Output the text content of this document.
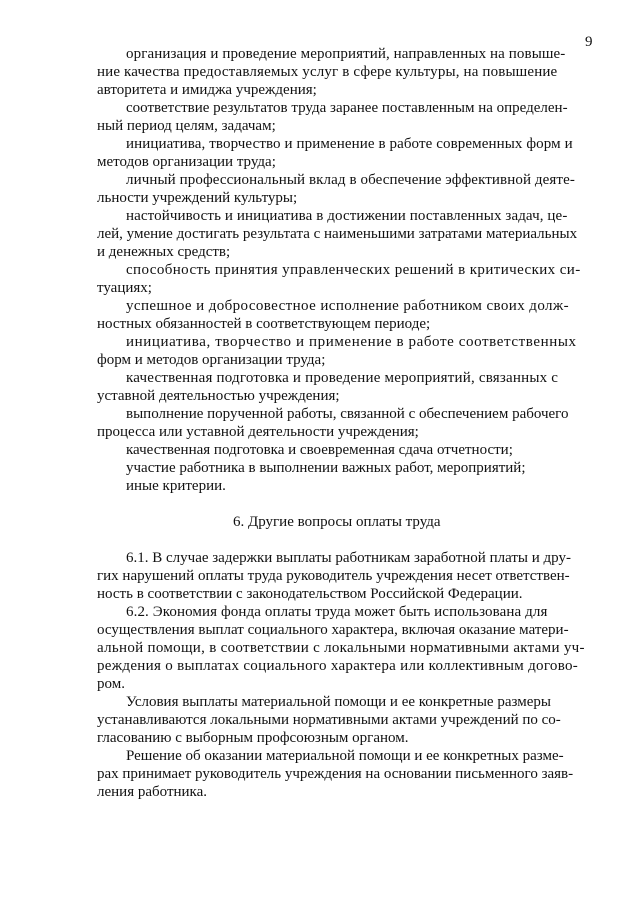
9
организация и проведение мероприятий, направленных на повыше-
ние качества предоставляемых услуг в сфере культуры, на повышение
авторитета и имиджа учреждения;
соответствие результатов труда заранее поставленным на определен-
ный период целям, задачам;
инициатива, творчество и применение в работе современных форм и
методов организации труда;
личный профессиональный вклад в обеспечение эффективной деяте-
льности учреждений культуры;
настойчивость и инициатива в достижении поставленных задач, це-
лей, умение достигать результата с наименьшими затратами материальных
и денежных средств;
способность принятия управленческих решений в критических си-
туациях;
успешное и добросовестное исполнение работником своих долж-
ностных обязанностей в соответствующем периоде;
инициатива, творчество и применение в работе соответственных
форм и методов организации труда;
качественная подготовка и проведение мероприятий, связанных с
уставной деятельностью учреждения;
выполнение порученной работы, связанной с обеспечением рабочего
процесса или уставной деятельности учреждения;
качественная подготовка и своевременная сдача отчетности;
участие работника в выполнении важных работ, мероприятий;
иные критерии.
6. Другие вопросы оплаты труда
6.1. В случае задержки выплаты работникам заработной платы и дру-
гих нарушений оплаты труда руководитель учреждения несет ответствен-
ность в соответствии с законодательством Российской Федерации.
6.2. Экономия фонда оплаты труда может быть использована для
осуществления выплат социального характера, включая оказание матери-
альной помощи, в соответствии с локальными нормативными актами уч-
реждения о выплатах социального характера или коллективным догово-
ром.
Условия выплаты материальной помощи и ее конкретные размеры
устанавливаются локальными нормативными актами учреждений по со-
гласованию с выборным профсоюзным органом.
Решение об оказании материальной помощи и ее конкретных разме-
рах принимает руководитель учреждения на основании письменного заяв-
ления работника.
